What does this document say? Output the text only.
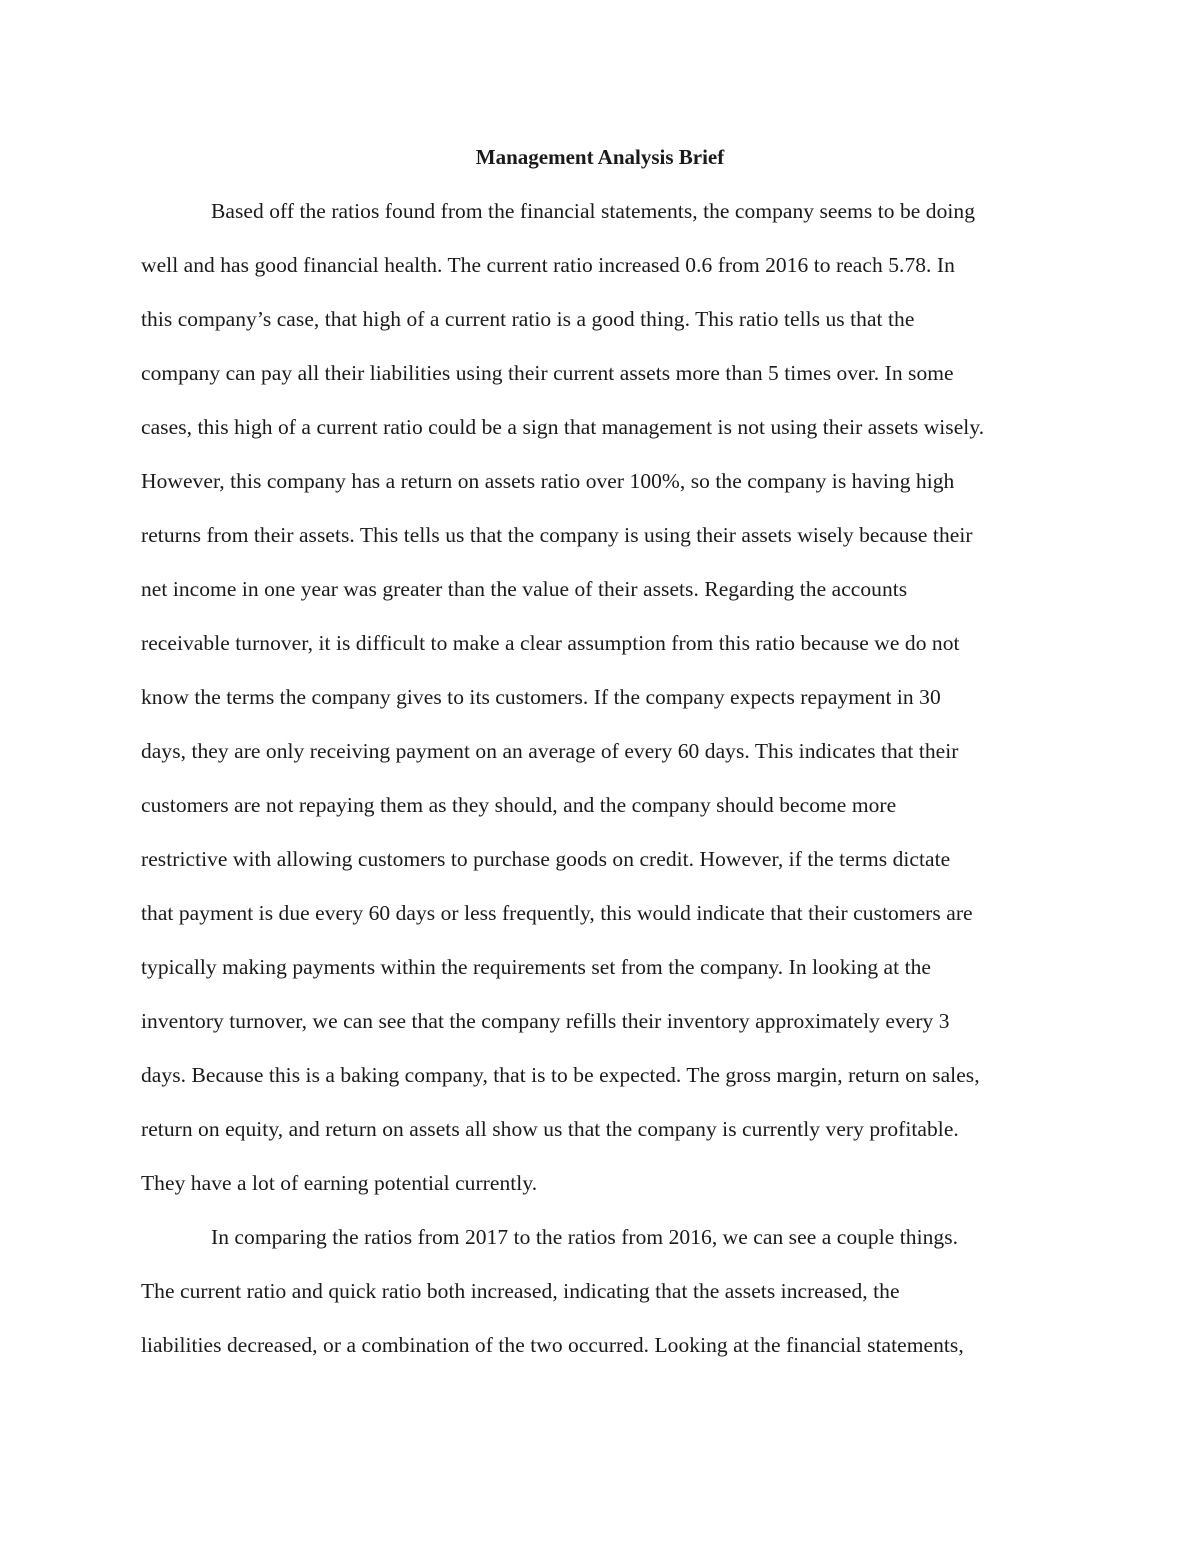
Management Analysis Brief
Based off the ratios found from the financial statements, the company seems to be doing
well and has good financial health. The current ratio increased 0.6 from 2016 to reach 5.78. In
this company’s case, that high of a current ratio is a good thing. This ratio tells us that the
company can pay all their liabilities using their current assets more than 5 times over. In some
cases, this high of a current ratio could be a sign that management is not using their assets wisely.
However, this company has a return on assets ratio over 100%, so the company is having high
returns from their assets. This tells us that the company is using their assets wisely because their
net income in one year was greater than the value of their assets. Regarding the accounts
receivable turnover, it is difficult to make a clear assumption from this ratio because we do not
know the terms the company gives to its customers. If the company expects repayment in 30
days, they are only receiving payment on an average of every 60 days. This indicates that their
customers are not repaying them as they should, and the company should become more
restrictive with allowing customers to purchase goods on credit. However, if the terms dictate
that payment is due every 60 days or less frequently, this would indicate that their customers are
typically making payments within the requirements set from the company. In looking at the
inventory turnover, we can see that the company refills their inventory approximately every 3
days. Because this is a baking company, that is to be expected. The gross margin, return on sales,
return on equity, and return on assets all show us that the company is currently very profitable.
They have a lot of earning potential currently.
In comparing the ratios from 2017 to the ratios from 2016, we can see a couple things.
The current ratio and quick ratio both increased, indicating that the assets increased, the
liabilities decreased, or a combination of the two occurred. Looking at the financial statements,
